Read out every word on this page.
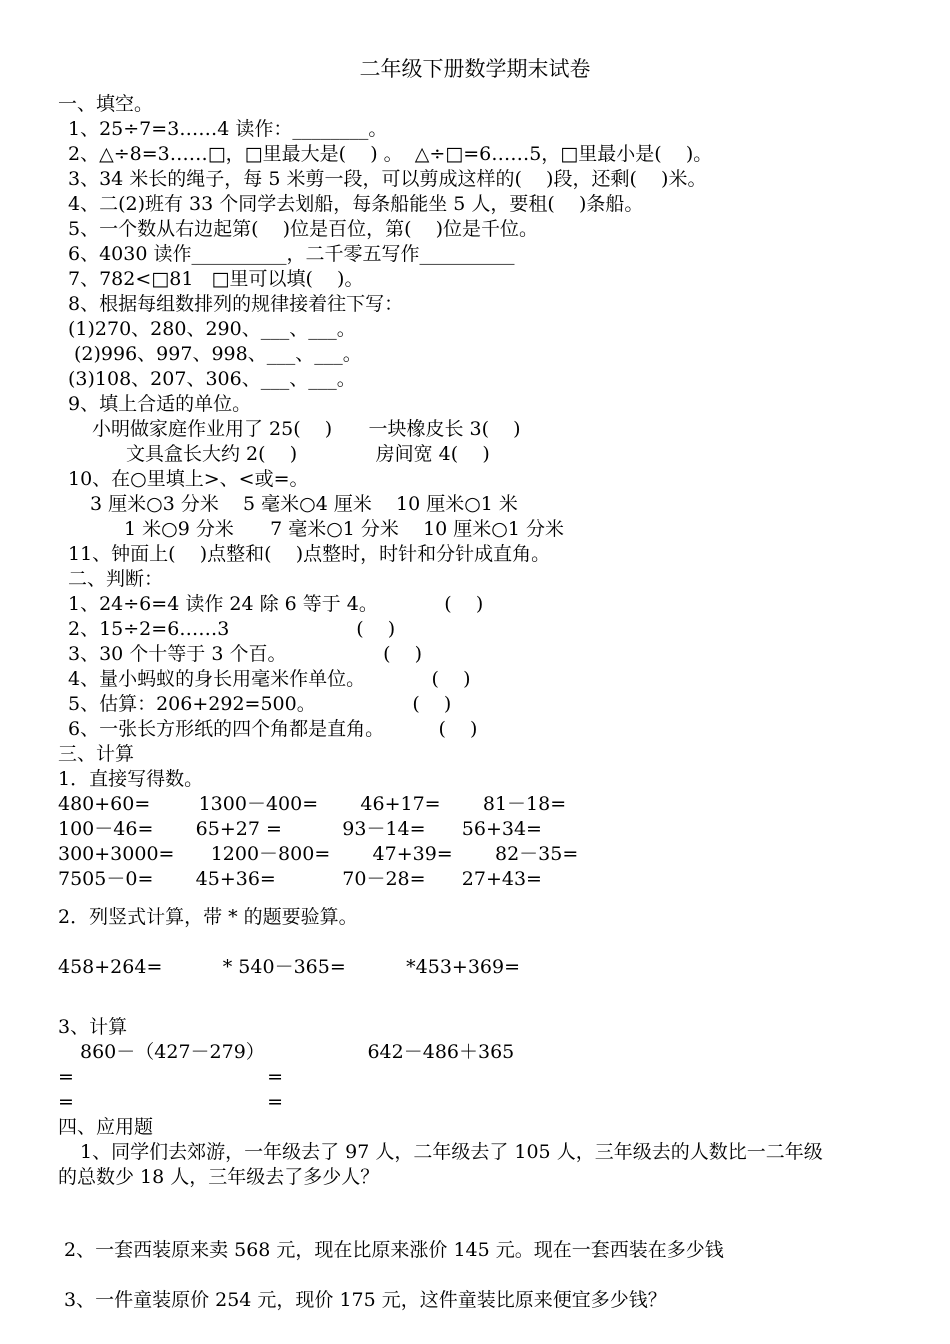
二年级下册数学期末试卷
一、填空。
1、25÷7=3……4 读作：________。
2、△÷8=3……□，□里最大是(    ) 。  △÷□=6……5，□里最小是(    )。
3、34 米长的绳子，每 5 米剪一段，可以剪成这样的(    )段，还剩(    )米。
4、二(2)班有 33 个同学去划船，每条船能坐 5 人，要租(    )条船。
5、一个数从右边起第(    )位是百位，第(    )位是千位。
6、4030 读作__________，二千零五写作__________
7、782<□81   □里可以填(    )。
8、根据每组数排列的规律接着往下写：
(1)270、280、290、___、___。
(2)996、997、998、___、___。
(3)108、207、306、___、___。
9、填上合适的单位。
小明做家庭作业用了 25(    )      一块橡皮长 3(    )
文具盒长大约 2(    )             房间宽 4(    )
10、在○里填上>、<或=。
3 厘米○3 分米    5 毫米○4 厘米    10 厘米○1 米
1 米○9 分米      7 毫米○1 分米    10 厘米○1 分米
11、钟面上(    )点整和(    )点整时，时针和分针成直角。
二、判断：
1、24÷6=4 读作 24 除 6 等于 4。           (    )
2、15÷2=6……3                     (    )
3、30 个十等于 3 个百。                (    )
4、量小蚂蚁的身长用毫米作单位。           (    )
5、估算：206+292=500。                (    )
6、一张长方形纸的四个角都是直角。         (    )
三、计算
1．直接写得数。
480+60=        1300－400=       46+17=       81－18=
100－46=       65+27 =          93－14=      56+34=
300+3000=      1200－800=       47+39=       82－35=
7505－0=       45+36=           70－28=      27+43=
2．列竖式计算，带 * 的题要验算。
458+264=          * 540－365=          *453+369=
3、计算
860－（427－279）                 642－486＋365
=                                =
=                                =
四、应用题
1、同学们去郊游，一年级去了 97 人，二年级去了 105 人，三年级去的人数比一二年级
的总数少 18 人，三年级去了多少人？
2、一套西装原来卖 568 元，现在比原来涨价 145 元。现在一套西装在多少钱
3、一件童装原价 254 元，现价 175 元，这件童装比原来便宜多少钱？
